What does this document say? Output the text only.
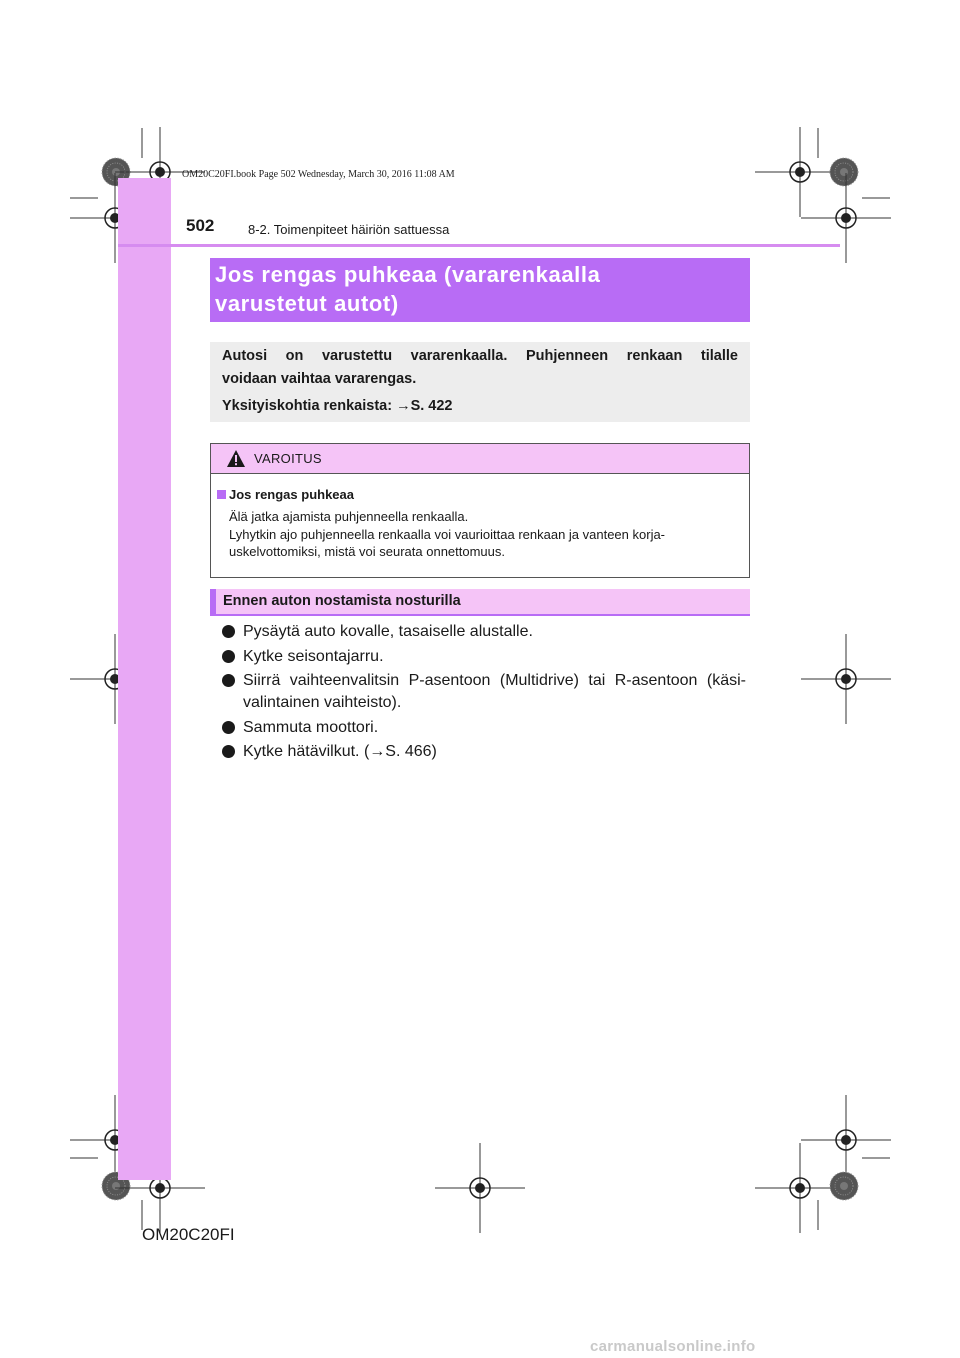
OM20C20FI.book Page 502 Wednesday, March 30, 2016 11:08 AM
502	8-2. Toimenpiteet häiriön sattuessa
Jos rengas puhkeaa (vararenkaalla
varustetut autot)
Autosi on varustettu vararenkaalla. Puhjenneen renkaan tilalle
voidaan vaihtaa vararengas.
Yksityiskohtia renkaista: →S. 422
VAROITUS
Jos rengas puhkeaa
Älä jatka ajamista puhjenneella renkaalla.
Lyhytkin ajo puhjenneella renkaalla voi vaurioittaa renkaan ja vanteen korja-
uskelvottomiksi, mistä voi seurata onnettomuus.
Ennen auton nostamista nosturilla
Pysäytä auto kovalle, tasaiselle alustalle.
Kytke seisontajarru.
Siirrä vaihteenvalitsin P-asentoon (Multidrive) tai R-asentoon (käsi-valintainen vaihteisto).
Sammuta moottori.
Kytke hätävilkut. (→S. 466)
OM20C20FI
carmanualsonline.info
